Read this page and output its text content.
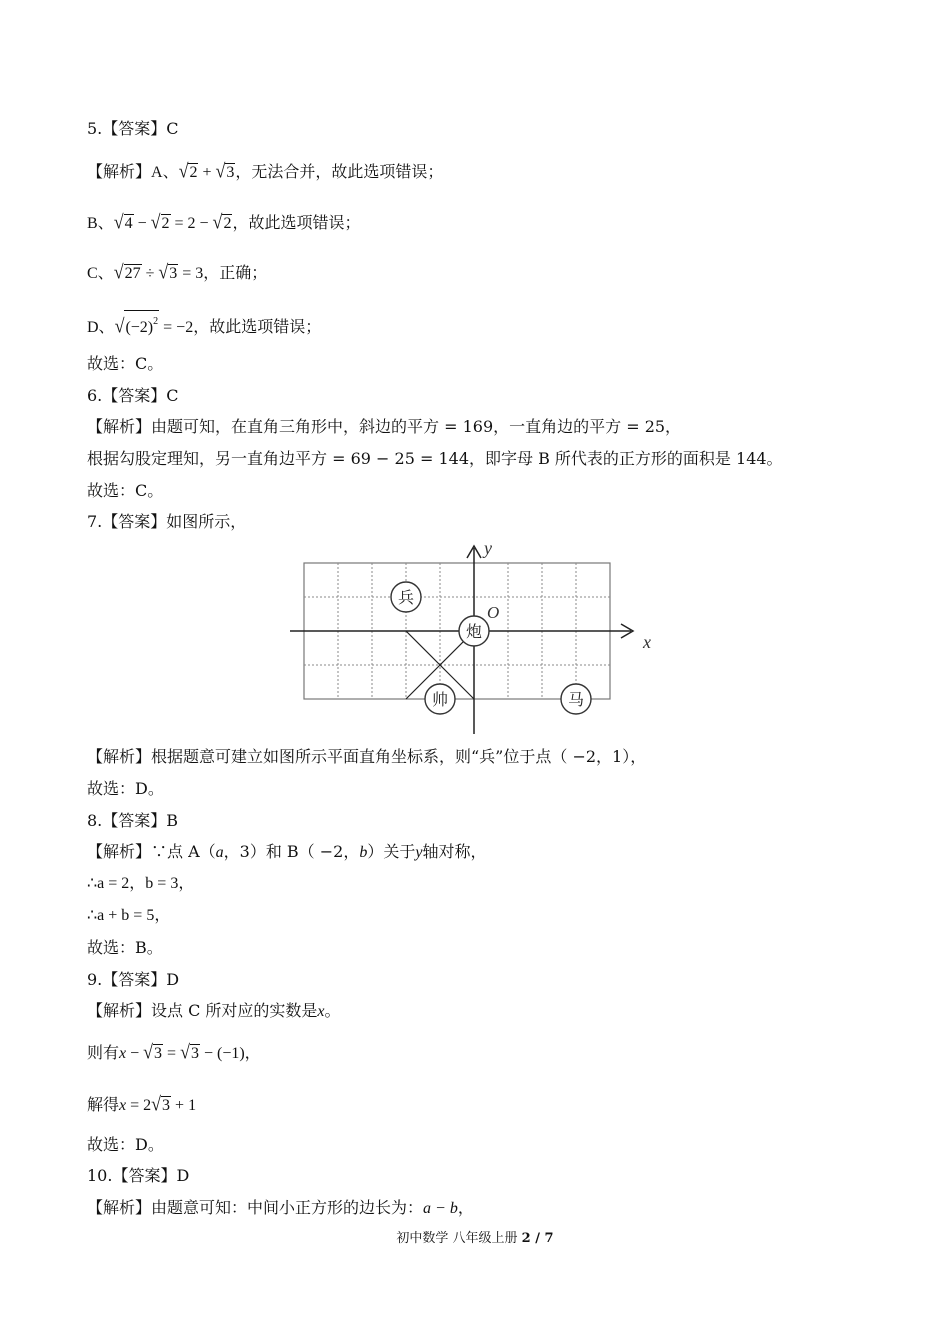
5.【答案】C
【解析】A、√2 + √3，无法合并，故此选项错误；
B、√4 − √2 = 2 − √2，故此选项错误；
C、√27 ÷ √3 = 3，正确；
D、$√(-2)^2 = -2$，故此选项错误；
故选：C。
6.【答案】C
【解析】由题可知，在直角三角形中，斜边的平方 = 169，一直角边的平方 = 25，
根据勾股定理知，另一直角边平方 = 69 − 25 = 144，即字母 B 所代表的正方形的面积是 144。
故选：C。
7.【答案】如图所示，
x
y
O
兵
炮
帅	马
【解析】根据题意可建立如图所示平面直角坐标系，则“兵”位于点（ −2，1），
故选：D。
8.【答案】B
【解析】∵点 A（a，3）和 B（ −2，b）关于y轴对称，
∴a = 2，b = 3，
∴a + b = 5，
故选：B。
9.【答案】D
【解析】设点 C 所对应的实数是x。
则有x − √3 = √3 − (−1)，
解得x = 2√3 + 1
故选：D。
10.【答案】D
【解析】由题意可知：中间小正方形的边长为：a − b，
初中数学 八年级上册 2 / 7
